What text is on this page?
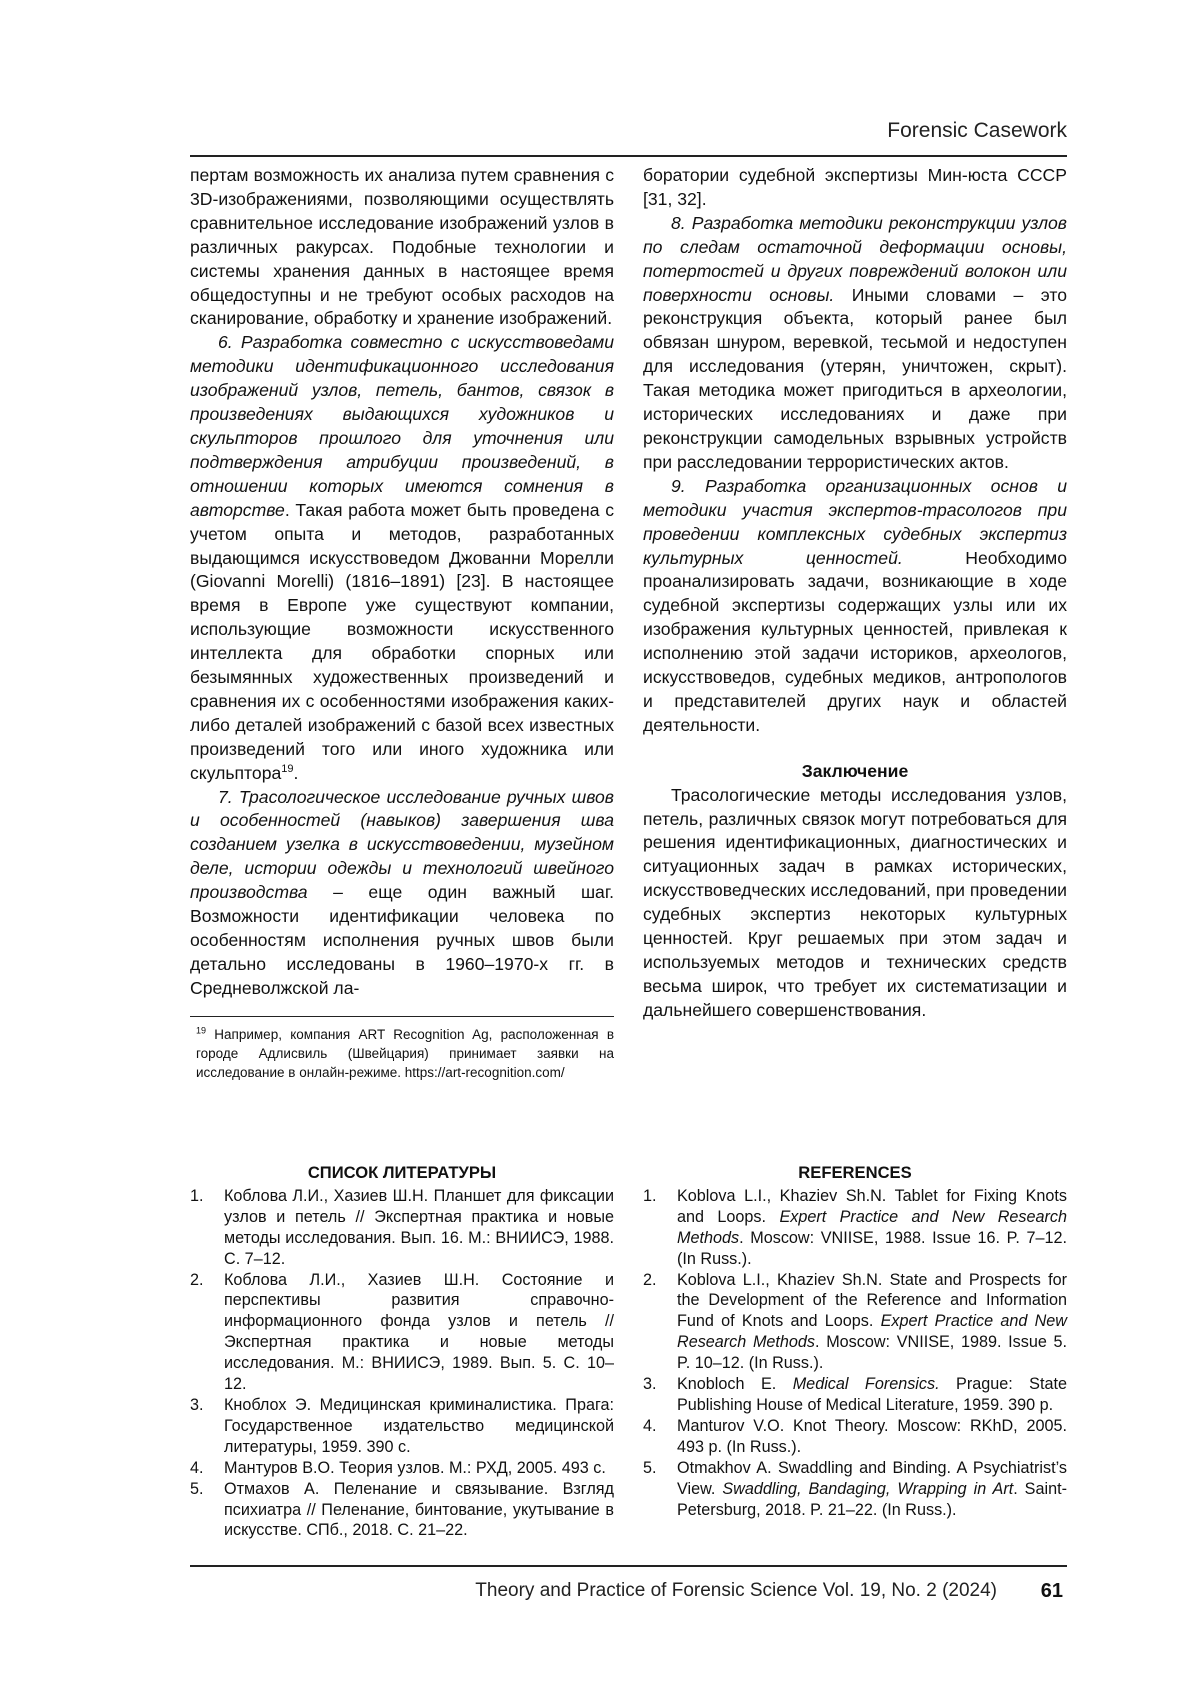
Forensic Casework

пертам возможность их анализа путем сравнения с 3D-изображениями, позволяющими осуществлять сравнительное исследование изображений узлов в различных ракурсах. Подобные технологии и системы хранения данных в настоящее время общедоступны и не требуют особых расходов на сканирование, обработку и хранение изображений.

6. Разработка совместно с искусствоведами методики идентификационного исследования изображений узлов, петель, бантов, связок в произведениях выдающихся художников и скульпторов прошлого для уточнения или подтверждения атрибуции произведений, в отношении которых имеются сомнения в авторстве. Такая работа может быть проведена с учетом опыта и методов, разработанных выдающимся искусствоведом Джованни Морелли (Giovanni Morelli) (1816–1891) [23]. В настоящее время в Европе уже существуют компании, использующие возможности искусственного интеллекта для обработки спорных или безымянных художественных произведений и сравнения их с особенностями изображения каких-либо деталей изображений с базой всех известных произведений того или иного художника или скульптора$^{19}$.

7. Трасологическое исследование ручных швов и особенностей (навыков) завершения шва созданием узелка в искусствоведении, музейном деле, истории одежды и технологий швейного производства – еще один важный шаг. Возможности идентификации человека по особенностям исполнения ручных швов были детально исследованы в 1960–1970-х гг. в Средневолжской ла-

$^{19}$ Например, компания ART Recognition Ag, расположенная в городе Адлисвиль (Швейцария) принимает заявки на исследование в онлайн-режиме. https://art-recognition.com/

боратории судебной экспертизы Мин-юста СССР [31, 32].

8. Разработка методики реконструкции узлов по следам остаточной деформации основы, потертостей и других повреждений волокон или поверхности основы. Иными словами – это реконструкция объекта, который ранее был обвязан шнуром, веревкой, тесьмой и недоступен для исследования (утерян, уничтожен, скрыт). Такая методика может пригодиться в археологии, исторических исследованиях и даже при реконструкции самодельных взрывных устройств при расследовании террористических актов.

9. Разработка организационных основ и методики участия экспертов-трасологов при проведении комплексных судебных экспертиз культурных ценностей. Необходимо проанализировать задачи, возникающие в ходе судебной экспертизы содержащих узлы или их изображения культурных ценностей, привлекая к исполнению этой задачи историков, археологов, искусствоведов, судебных медиков, антропологов и представителей других наук и областей деятельности.

Заключение

Трасологические методы исследования узлов, петель, различных связок могут потребоваться для решения идентификационных, диагностических и ситуационных задач в рамках исторических, искусствоведческих исследований, при проведении судебных экспертиз некоторых культурных ценностей. Круг решаемых при этом задач и используемых методов и технических средств весьма широк, что требует их систематизации и дальнейшего совершенствования.

СПИСОК ЛИТЕРАТУРЫ
1. Коблова Л.И., Хазиев Ш.Н. Планшет для фиксации узлов и петель // Экспертная практика и новые методы исследования. Вып. 16. М.: ВНИИСЭ, 1988. С. 7–12.
2. Коблова Л.И., Хазиев Ш.Н. Состояние и перспективы развития справочно-информационного фонда узлов и петель // Экспертная практика и новые методы исследования. М.: ВНИИСЭ, 1989. Вып. 5. С. 10–12.
3. Кноблох Э. Медицинская криминалистика. Прага: Государственное издательство медицинской литературы, 1959. 390 с.
4. Мантуров В.О. Теория узлов. М.: РХД, 2005. 493 с.
5. Отмахов А. Пеленание и связывание. Взгляд психиатра // Пеленание, бинтование, укутывание в искусстве. СПб., 2018. С. 21–22.
REFERENCES
1. Koblova L.I., Khaziev Sh.N. Tablet for Fixing Knots and Loops. Expert Practice and New Research Methods. Moscow: VNIISE, 1988. Issue 16. P. 7–12. (In Russ.).
2. Koblova L.I., Khaziev Sh.N. State and Prospects for the Development of the Reference and Information Fund of Knots and Loops. Expert Practice and New Research Methods. Moscow: VNIISE, 1989. Issue 5. P. 10–12. (In Russ.).
3. Knobloch E. Medical Forensics. Prague: State Publishing House of Medical Literature, 1959. 390 p.
4. Manturov V.O. Knot Theory. Moscow: RKhD, 2005. 493 p. (In Russ.).
5. Otmakhov A. Swaddling and Binding. A Psychiatrist’s View. Swaddling, Bandaging, Wrapping in Art. Saint-Petersburg, 2018. P. 21–22. (In Russ.).
Theory and Practice of Forensic Science Vol. 19, No. 2 (2024) 61
